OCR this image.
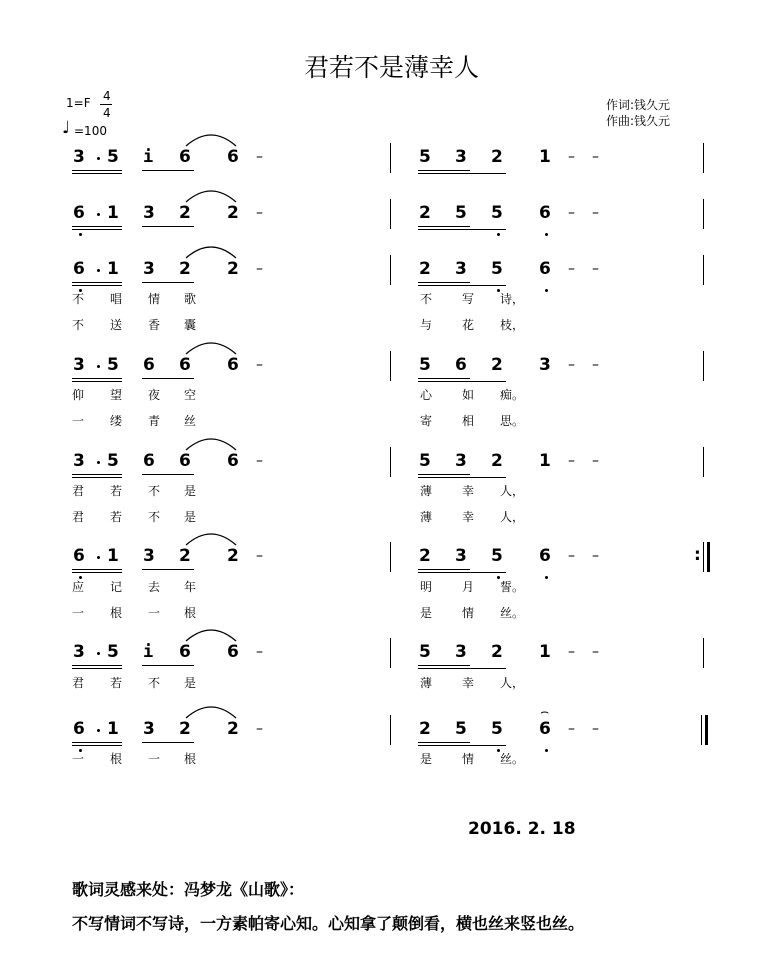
君若不是薄幸人
1=F 4
4
♩ =100
作词:钱久元
作曲:钱久元
3 5 i 6 6 –	5 3 2 1 – –
6 1 3 2 2 –	2 5 5 6 – –
6 1 3 2 2 –	2 3 5 6 – –
不 唱 情 歌	不 写 诗，
不 送 香 囊	与 花 枝，
3 5 6 6 6 –	5 6 2 3 – –
仰 望 夜 空	心 如 痴。
一 缕 青 丝	寄 相 思。
3 5 6 6 6 –	5 3 2 1 – –
君 若 不 是	薄 幸 人，
君 若 不 是	薄 幸 人，
6 1 3 2 2 –	2 3 5 6 – –	:
应 记 去 年	明 月 誓。
一 根 一 根	是 情 丝。
3 5 i 6 6 –	5 3 2 1 – –
君 若 不 是	薄 幸 人，
6 1 3 2 2 –	2 5 5 6 – –
⌢
一 根 一 根	是 情 丝。
2016. 2. 18
歌词灵感来处：冯梦龙《山歌》：
不写情词不写诗，一方素帕寄心知。心知拿了颠倒看，横也丝来竖也丝。
